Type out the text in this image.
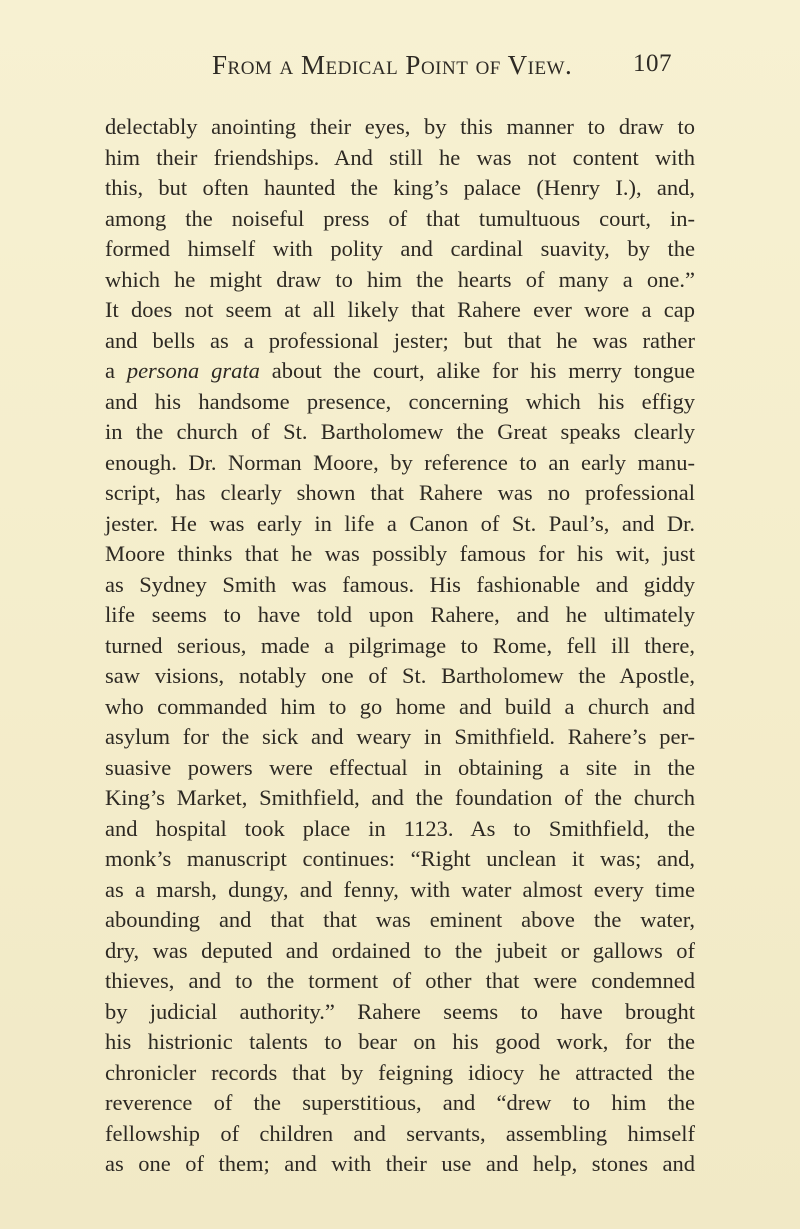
From a Medical Point of View. 107
delectably anointing their eyes, by this manner to draw to
him their friendships. And still he was not content with
this, but often haunted the king’s palace (Henry I.), and,
among the noiseful press of that tumultuous court, in-
formed himself with polity and cardinal suavity, by the
which he might draw to him the hearts of many a one.”
It does not seem at all likely that Rahere ever wore a cap
and bells as a professional jester; but that he was rather
a persona grata about the court, alike for his merry tongue
and his handsome presence, concerning which his effigy
in the church of St. Bartholomew the Great speaks clearly
enough. Dr. Norman Moore, by reference to an early manu-
script, has clearly shown that Rahere was no professional
jester. He was early in life a Canon of St. Paul’s, and Dr.
Moore thinks that he was possibly famous for his wit, just
as Sydney Smith was famous. His fashionable and giddy
life seems to have told upon Rahere, and he ultimately
turned serious, made a pilgrimage to Rome, fell ill there,
saw visions, notably one of St. Bartholomew the Apostle,
who commanded him to go home and build a church and
asylum for the sick and weary in Smithfield. Rahere’s per-
suasive powers were effectual in obtaining a site in the
King’s Market, Smithfield, and the foundation of the church
and hospital took place in 1123. As to Smithfield, the
monk’s manuscript continues: “Right unclean it was; and,
as a marsh, dungy, and fenny, with water almost every time
abounding and that that was eminent above the water,
dry, was deputed and ordained to the jubeit or gallows of
thieves, and to the torment of other that were condemned
by judicial authority.” Rahere seems to have brought
his histrionic talents to bear on his good work, for the
chronicler records that by feigning idiocy he attracted the
reverence of the superstitious, and “drew to him the
fellowship of children and servants, assembling himself
as one of them; and with their use and help, stones and
